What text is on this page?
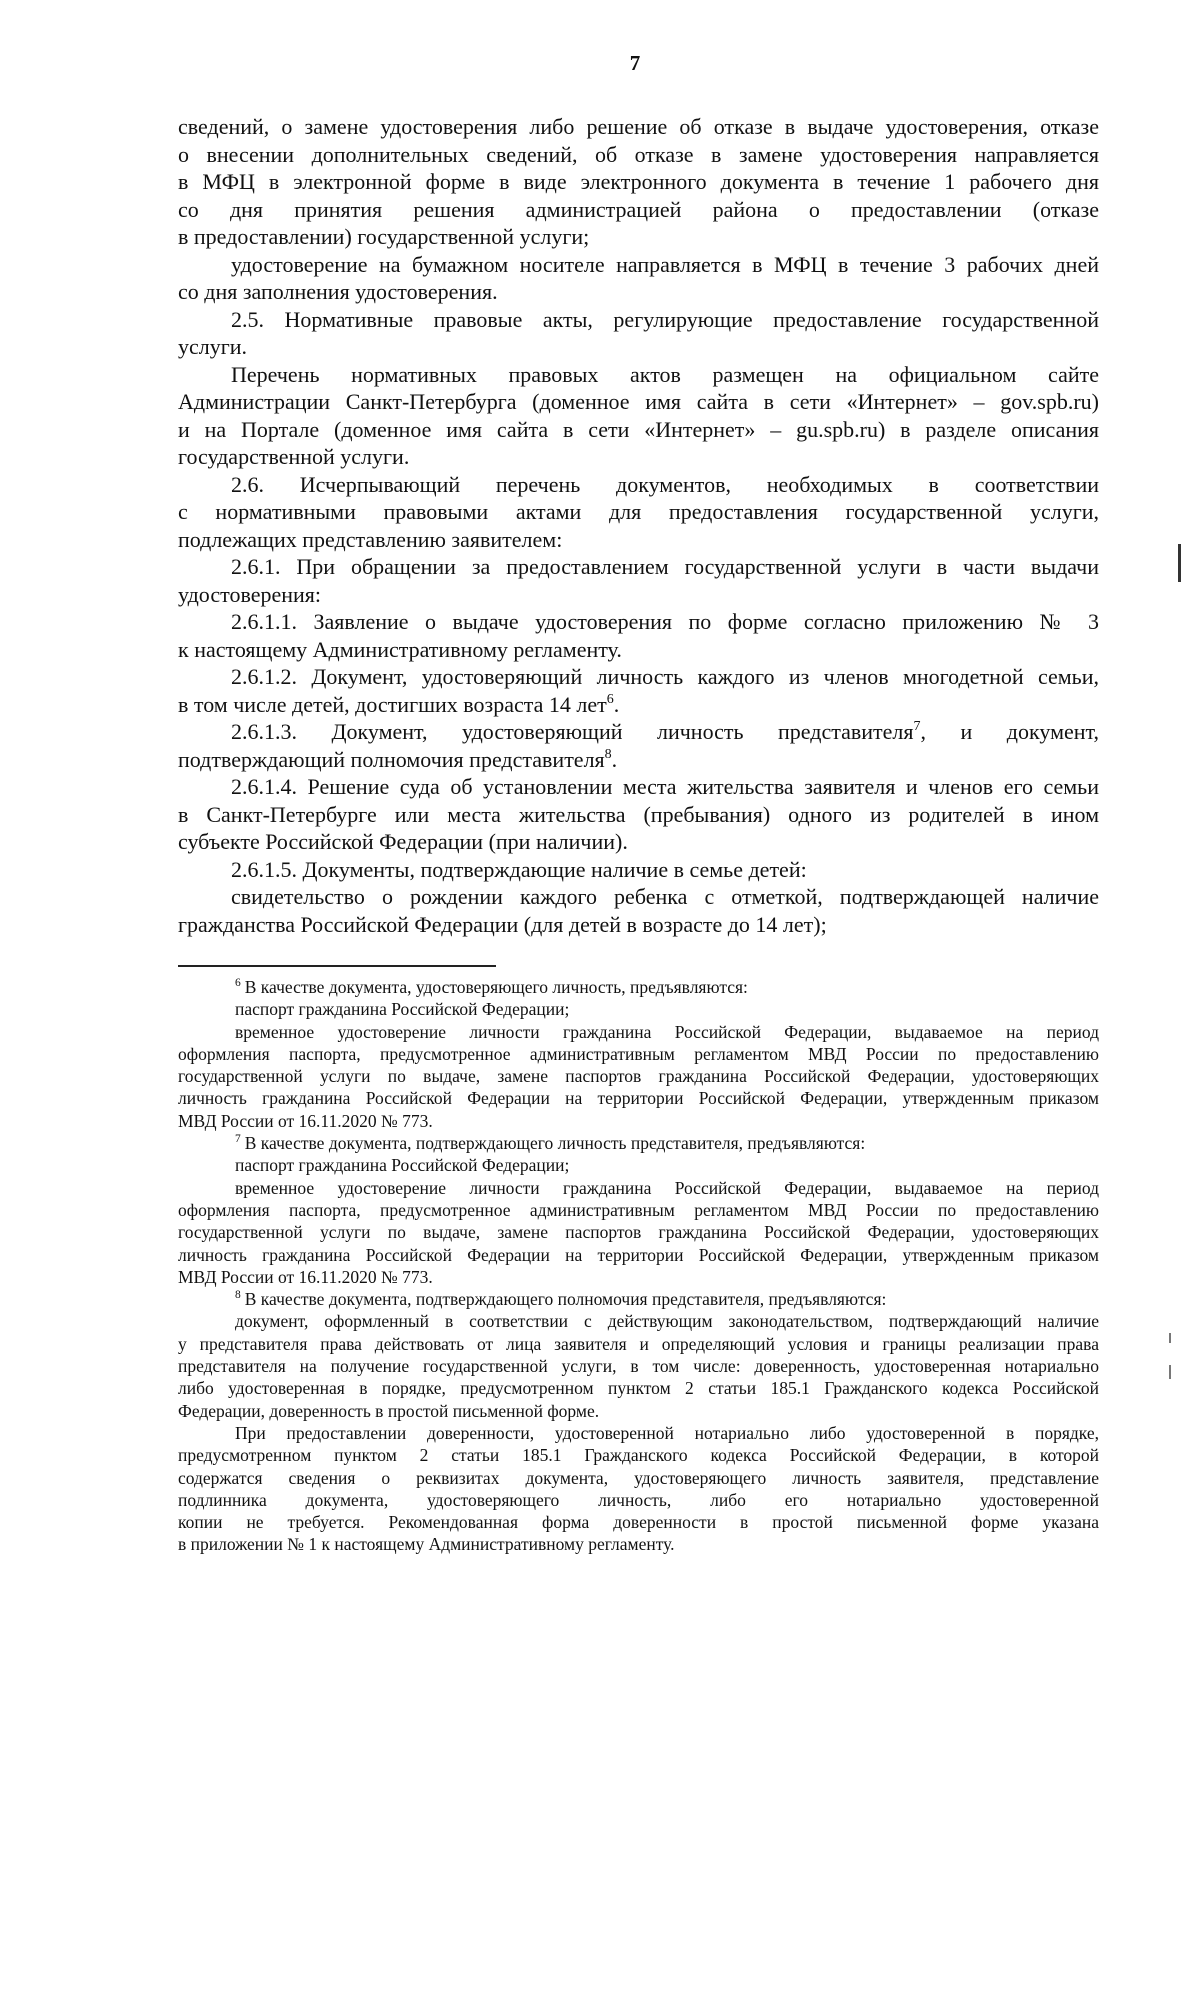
7
сведений, о замене удостоверения либо решение об отказе в выдаче удостоверения, отказе
о внесении дополнительных сведений, об отказе в замене удостоверения направляется
в МФЦ в электронной форме в виде электронного документа в течение 1 рабочего дня
со дня принятия решения администрацией района о предоставлении (отказе
в предоставлении) государственной услуги;
удостоверение на бумажном носителе направляется в МФЦ в течение 3 рабочих дней
со дня заполнения удостоверения.
2.5. Нормативные правовые акты, регулирующие предоставление государственной
услуги.
Перечень нормативных правовых актов размещен на официальном сайте
Администрации Санкт-Петербурга (доменное имя сайта в сети «Интернет» – gov.spb.ru)
и на Портале (доменное имя сайта в сети «Интернет» – gu.spb.ru) в разделе описания
государственной услуги.
2.6. Исчерпывающий перечень документов, необходимых в соответствии
с нормативными правовыми актами для предоставления государственной услуги,
подлежащих представлению заявителем:
2.6.1. При обращении за предоставлением государственной услуги в части выдачи
удостоверения:
2.6.1.1. Заявление о выдаче удостоверения по форме согласно приложению № 3
к настоящему Административному регламенту.
2.6.1.2. Документ, удостоверяющий личность каждого из членов многодетной семьи,
в том числе детей, достигших возраста 14 лет$^6$.
2.6.1.3. Документ, удостоверяющий личность представителя$^7$, и документ,
подтверждающий полномочия представителя$^8$.
2.6.1.4. Решение суда об установлении места жительства заявителя и членов его семьи
в Санкт-Петербурге или места жительства (пребывания) одного из родителей в ином
субъекте Российской Федерации (при наличии).
2.6.1.5. Документы, подтверждающие наличие в семье детей:
свидетельство о рождении каждого ребенка с отметкой, подтверждающей наличие
гражданства Российской Федерации (для детей в возрасте до 14 лет);
$^6$ В качестве документа, удостоверяющего личность, предъявляются:
паспорт гражданина Российской Федерации;
временное удостоверение личности гражданина Российской Федерации, выдаваемое на период
оформления паспорта, предусмотренное административным регламентом МВД России по предоставлению
государственной услуги по выдаче, замене паспортов гражданина Российской Федерации, удостоверяющих
личность гражданина Российской Федерации на территории Российской Федерации, утвержденным приказом
МВД России от 16.11.2020 № 773.
$^7$ В качестве документа, подтверждающего личность представителя, предъявляются:
паспорт гражданина Российской Федерации;
временное удостоверение личности гражданина Российской Федерации, выдаваемое на период
оформления паспорта, предусмотренное административным регламентом МВД России по предоставлению
государственной услуги по выдаче, замене паспортов гражданина Российской Федерации, удостоверяющих
личность гражданина Российской Федерации на территории Российской Федерации, утвержденным приказом
МВД России от 16.11.2020 № 773.
$^8$ В качестве документа, подтверждающего полномочия представителя, предъявляются:
документ, оформленный в соответствии с действующим законодательством, подтверждающий наличие
у представителя права действовать от лица заявителя и определяющий условия и границы реализации права
представителя на получение государственной услуги, в том числе: доверенность, удостоверенная нотариально
либо удостоверенная в порядке, предусмотренном пунктом 2 статьи 185.1 Гражданского кодекса Российской
Федерации, доверенность в простой письменной форме.
При предоставлении доверенности, удостоверенной нотариально либо удостоверенной в порядке,
предусмотренном пунктом 2 статьи 185.1 Гражданского кодекса Российской Федерации, в которой
содержатся сведения о реквизитах документа, удостоверяющего личность заявителя, представление
подлинника документа, удостоверяющего личность, либо его нотариально удостоверенной
копии не требуется. Рекомендованная форма доверенности в простой письменной форме указана
в приложении № 1 к настоящему Административному регламенту.
